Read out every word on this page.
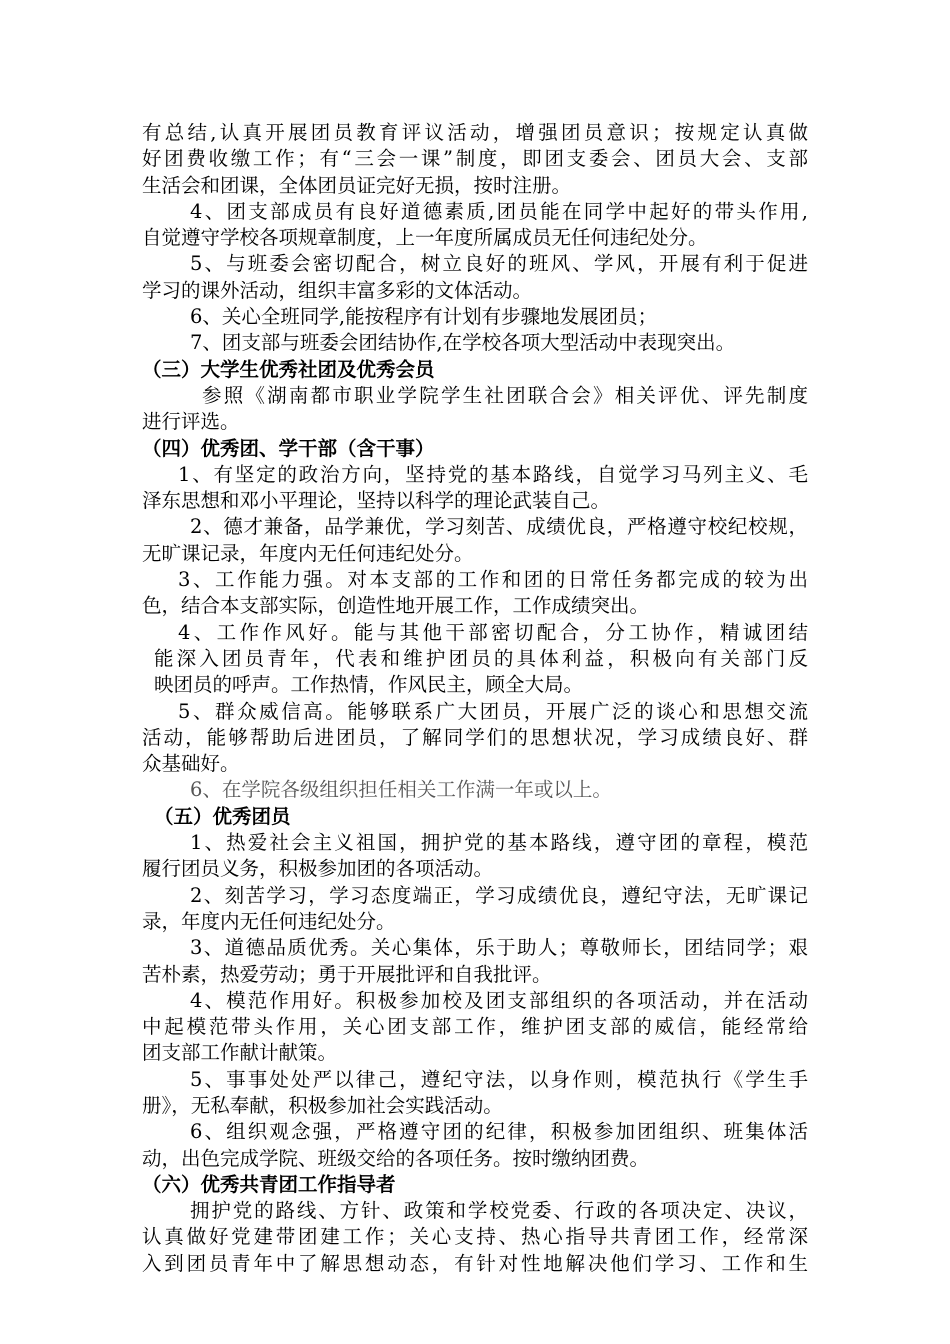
有总结,认真开展团员教育评议活动，增强团员意识；按规定认真做
好团费收缴工作；有“三会一课”制度，即团支委会、团员大会、支部
生活会和团课，全体团员证完好无损，按时注册。
4、团支部成员有良好道德素质,团员能在同学中起好的带头作用,
自觉遵守学校各项规章制度，上一年度所属成员无任何违纪处分。
5、与班委会密切配合，树立良好的班风、学风，开展有利于促进
学习的课外活动，组织丰富多彩的文体活动。
6、关心全班同学,能按程序有计划有步骤地发展团员；
7、团支部与班委会团结协作,在学校各项大型活动中表现突出。
（三）大学生优秀社团及优秀会员
参照《湖南都市职业学院学生社团联合会》相关评优、评先制度
进行评选。
（四）优秀团、学干部（含干事）
1、有坚定的政治方向，坚持党的基本路线，自觉学习马列主义、毛
泽东思想和邓小平理论，坚持以科学的理论武装自己。
2、德才兼备，品学兼优，学习刻苦、成绩优良，严格遵守校纪校规，
无旷课记录，年度内无任何违纪处分。
3、工作能力强。对本支部的工作和团的日常任务都完成的较为出
色，结合本支部实际，创造性地开展工作，工作成绩突出。
4、工作作风好。能与其他干部密切配合，分工协作，精诚团结
能深入团员青年，代表和维护团员的具体利益，积极向有关部门反
映团员的呼声。工作热情，作风民主，顾全大局。
5、群众威信高。能够联系广大团员，开展广泛的谈心和思想交流
活动，能够帮助后进团员，了解同学们的思想状况，学习成绩良好、群
众基础好。
6、在学院各级组织担任相关工作满一年或以上。
（五）优秀团员
1、热爱社会主义祖国，拥护党的基本路线，遵守团的章程，模范
履行团员义务，积极参加团的各项活动。
2、刻苦学习，学习态度端正，学习成绩优良，遵纪守法，无旷课记
录，年度内无任何违纪处分。
3、道德品质优秀。关心集体，乐于助人；尊敬师长，团结同学；艰
苦朴素，热爱劳动；勇于开展批评和自我批评。
4、模范作用好。积极参加校及团支部组织的各项活动，并在活动
中起模范带头作用，关心团支部工作，维护团支部的威信，能经常给
团支部工作献计献策。
5、事事处处严以律己，遵纪守法，以身作则，模范执行《学生手
册》，无私奉献，积极参加社会实践活动。
6、组织观念强，严格遵守团的纪律，积极参加团组织、班集体活
动，出色完成学院、班级交给的各项任务。按时缴纳团费。
（六）优秀共青团工作指导者
拥护党的路线、方针、政策和学校党委、行政的各项决定、决议，
认真做好党建带团建工作；关心支持、热心指导共青团工作，经常深
入到团员青年中了解思想动态，有针对性地解决他们学习、工作和生
